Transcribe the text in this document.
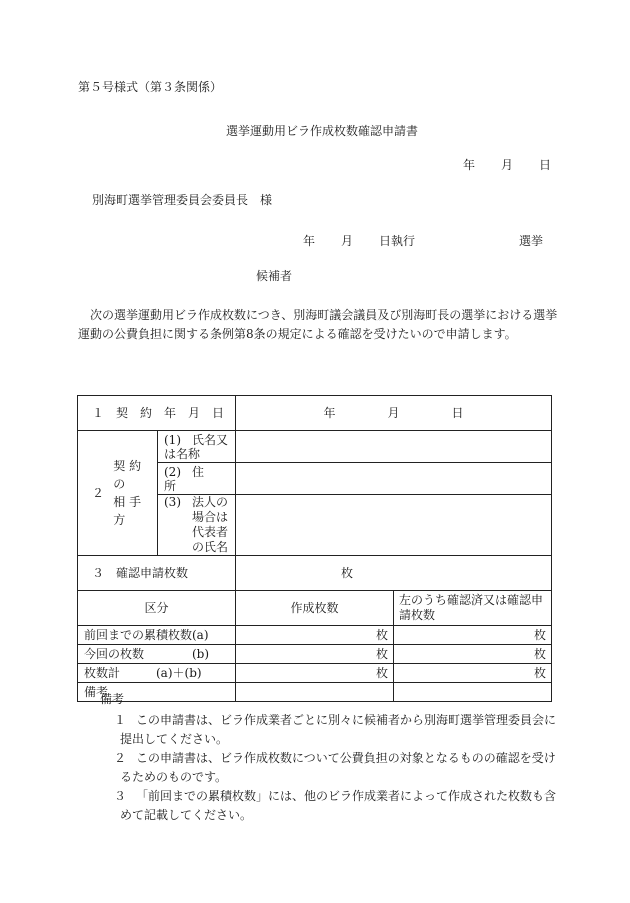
第５号様式（第３条関係）
選挙運動用ビラ作成枚数確認申請書
年 月 日
別海町選挙管理委員会委員長　様
年 月 日執行	選挙
候補者
次の選挙運動用ビラ作成枚数につき、別海町議会議員及び別海町長の選挙における選挙運動の公費負担に関する条例第8条の規定による確認を受けたいので申請します。
１　契　約　年　月　日		年 月 日	

２
契 約 の
相 手 方	(1) 氏名又は名称		
	(2) 住　　　　所		

	(3) 法人の場合は
代表者の氏名		

３　確認申請枚数		枚	
区分		作成枚数	左のうち確認済又は確認申請枚数
前回までの累積枚数(a)		枚	枚
今回の枚数　　　　(b)		枚	枚
枚数計　　　(a)＋(b)		枚	枚
備考			
備考
１ この申請書は、ビラ作成業者ごとに別々に候補者から別海町選挙管理委員会に
提出してください。
２ この申請書は、ビラ作成枚数について公費負担の対象となるものの確認を受け
るためのものです。
３ 「前回までの累積枚数」には、他のビラ作成業者によって作成された枚数も含
めて記載してください。
